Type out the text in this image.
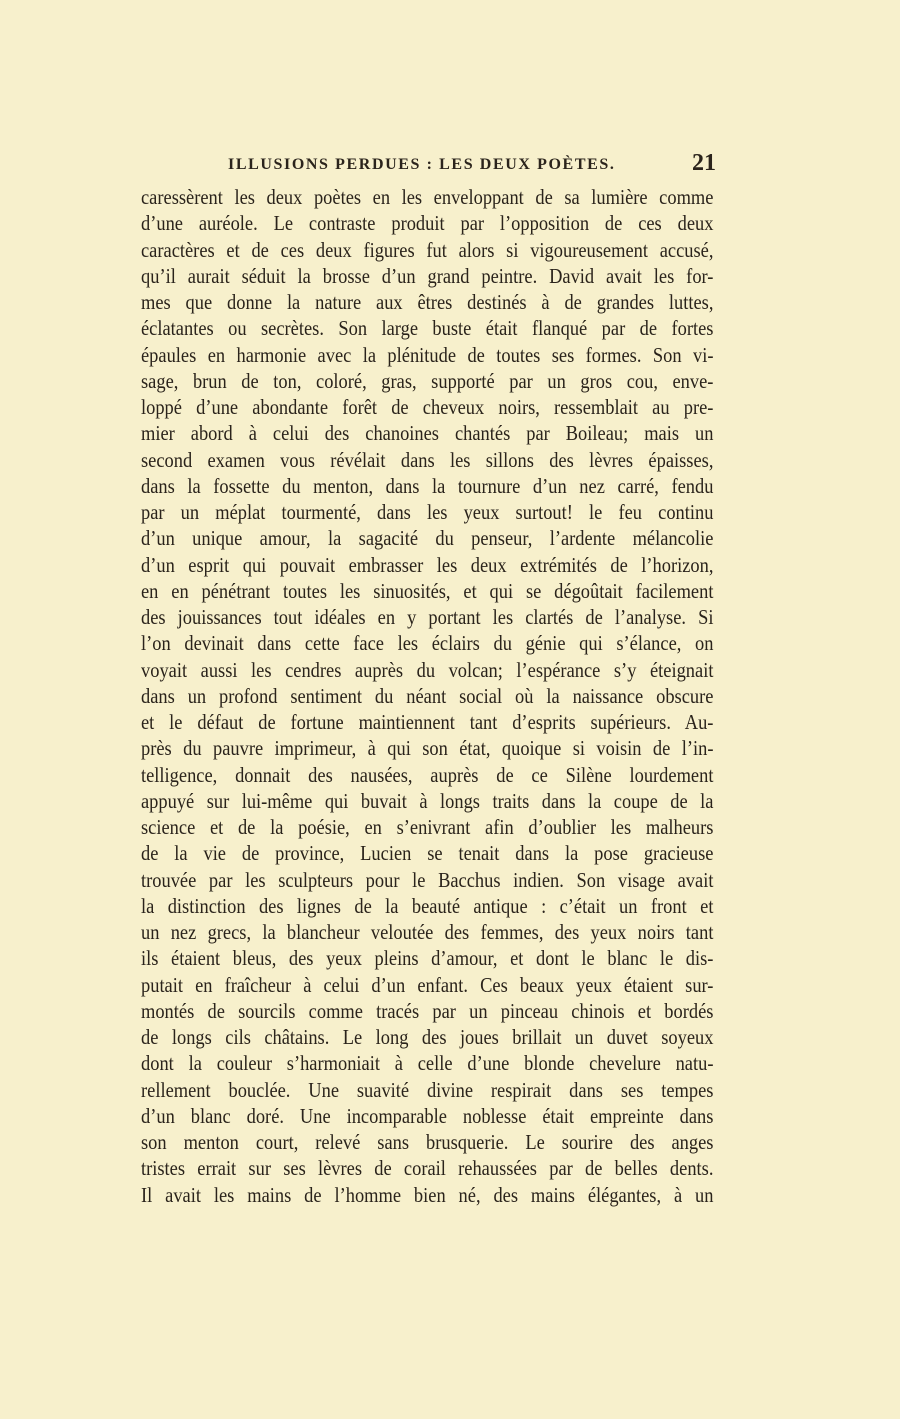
ILLUSIONS PERDUES : LES DEUX POÈTES.	21
caressèrent les deux poètes en les enveloppant de sa lumière comme
d’une auréole. Le contraste produit par l’opposition de ces deux
caractères et de ces deux figures fut alors si vigoureusement accusé,
qu’il aurait séduit la brosse d’un grand peintre. David avait les for-
mes que donne la nature aux êtres destinés à de grandes luttes,
éclatantes ou secrètes. Son large buste était flanqué par de fortes
épaules en harmonie avec la plénitude de toutes ses formes. Son vi-
sage, brun de ton, coloré, gras, supporté par un gros cou, enve-
loppé d’une abondante forêt de cheveux noirs, ressemblait au pre-
mier abord à celui des chanoines chantés par Boileau; mais un
second examen vous révélait dans les sillons des lèvres épaisses,
dans la fossette du menton, dans la tournure d’un nez carré, fendu
par un méplat tourmenté, dans les yeux surtout! le feu continu
d’un unique amour, la sagacité du penseur, l’ardente mélancolie
d’un esprit qui pouvait embrasser les deux extrémités de l’horizon,
en en pénétrant toutes les sinuosités, et qui se dégoûtait facilement
des jouissances tout idéales en y portant les clartés de l’analyse. Si
l’on devinait dans cette face les éclairs du génie qui s’élance, on
voyait aussi les cendres auprès du volcan; l’espérance s’y éteignait
dans un profond sentiment du néant social où la naissance obscure
et le défaut de fortune maintiennent tant d’esprits supérieurs. Au-
près du pauvre imprimeur, à qui son état, quoique si voisin de l’in-
telligence, donnait des nausées, auprès de ce Silène lourdement
appuyé sur lui-même qui buvait à longs traits dans la coupe de la
science et de la poésie, en s’enivrant afin d’oublier les malheurs
de la vie de province, Lucien se tenait dans la pose gracieuse
trouvée par les sculpteurs pour le Bacchus indien. Son visage avait
la distinction des lignes de la beauté antique : c’était un front et
un nez grecs, la blancheur veloutée des femmes, des yeux noirs tant
ils étaient bleus, des yeux pleins d’amour, et dont le blanc le dis-
putait en fraîcheur à celui d’un enfant. Ces beaux yeux étaient sur-
montés de sourcils comme tracés par un pinceau chinois et bordés
de longs cils châtains. Le long des joues brillait un duvet soyeux
dont la couleur s’harmoniait à celle d’une blonde chevelure natu-
rellement bouclée. Une suavité divine respirait dans ses tempes
d’un blanc doré. Une incomparable noblesse était empreinte dans
son menton court, relevé sans brusquerie. Le sourire des anges
tristes errait sur ses lèvres de corail rehaussées par de belles dents.
Il avait les mains de l’homme bien né, des mains élégantes, à un
